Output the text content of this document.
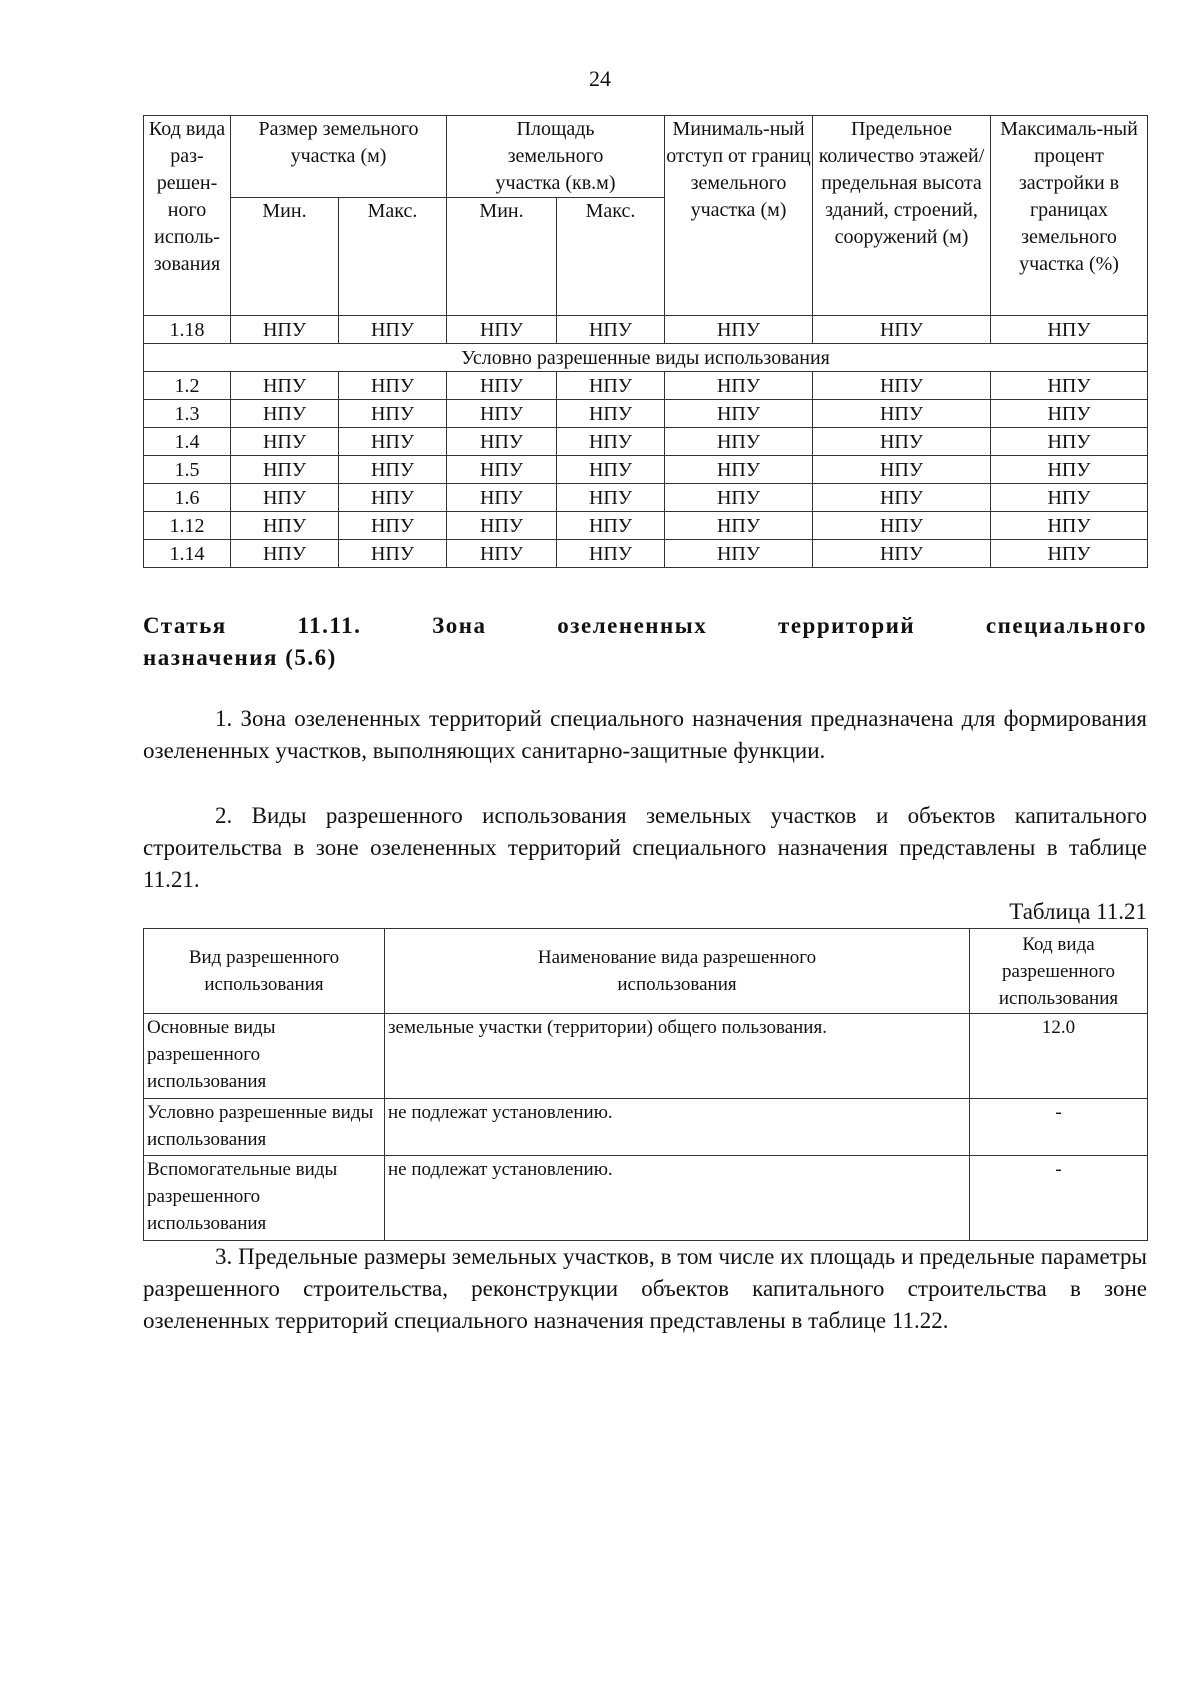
24
Код вида раз-решен-ного исполь-зования	Размер земельного участка (м)		Площадь земельного участка (кв.м)		Минималь-ный отступ от границ земельного участка (м)	Предельное количество этажей/ предельная высота зданий, строений, сооружений (м)	Максималь-ный процент застройки в границах земельного участка (%)
	Мин.	Макс.	Мин.	Макс.			
1.18	НПУ	НПУ	НПУ	НПУ	НПУ	НПУ	НПУ
Условно разрешенные виды использования							
1.2	НПУ	НПУ	НПУ	НПУ	НПУ	НПУ	НПУ
1.3	НПУ	НПУ	НПУ	НПУ	НПУ	НПУ	НПУ
1.4	НПУ	НПУ	НПУ	НПУ	НПУ	НПУ	НПУ
1.5	НПУ	НПУ	НПУ	НПУ	НПУ	НПУ	НПУ
1.6	НПУ	НПУ	НПУ	НПУ	НПУ	НПУ	НПУ
1.12	НПУ	НПУ	НПУ	НПУ	НПУ	НПУ	НПУ
1.14	НПУ	НПУ	НПУ	НПУ	НПУ	НПУ	НПУ
Статья	11.11.	Зона	озелененных	территорий	специального
назначения (5.6)
1. Зона озелененных территорий специального назначения предназначена для формирования озелененных участков, выполняющих санитарно-защитные функции.
2. Виды разрешенного использования земельных участков и объектов капитального строительства в зоне озелененных территорий специального назначения представлены в таблице 11.21.
Таблица 11.21
Вид разрешенного использования	Наименование вида разрешенного использования	Код вида разрешенного использования
Основные виды разрешенного использования	земельные участки (территории) общего пользования.	12.0
Условно разрешенные виды использования	не подлежат установлению.	-
Вспомогательные виды разрешенного использования	не подлежат установлению.	-
3. Предельные размеры земельных участков, в том числе их площадь и предельные параметры разрешенного строительства, реконструкции объектов капитального строительства в зоне озелененных территорий специального назначения представлены в таблице 11.22.
